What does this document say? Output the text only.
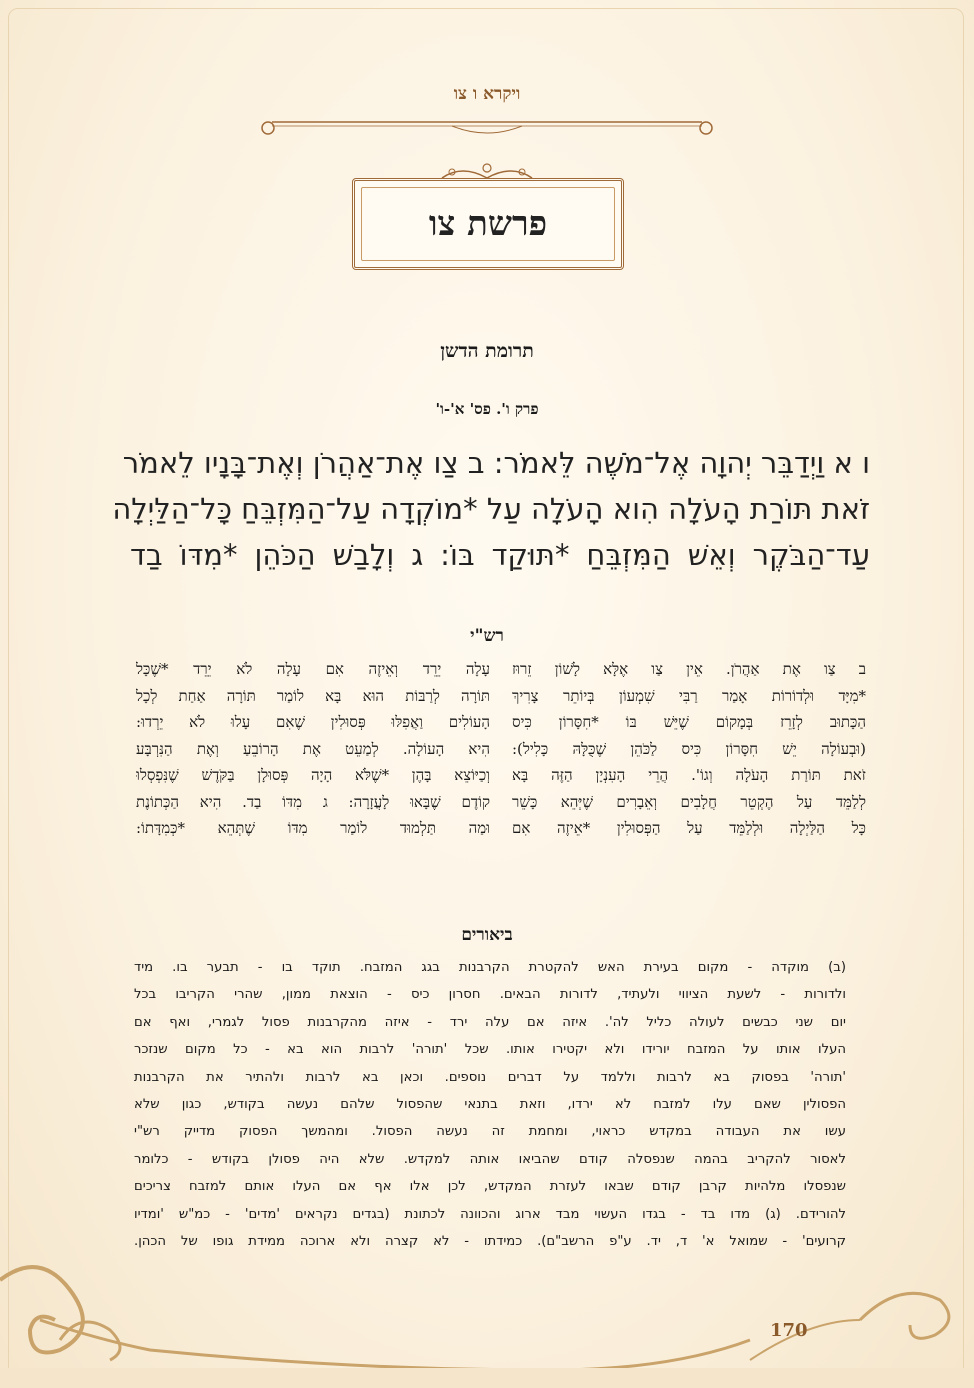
ויקרא ו צו
פרשת צו
תרומת הדשן
פרק ו'. פס' א'-ו'
ו א וַיְדַבֵּר יְהוָה אֶל־מֹשֶׁה לֵּאמֹר: ב צַו אֶת־אַהֲרֹן וְאֶת־בָּנָיו לֵאמֹר
זֹאת תּוֹרַת הָעֹלָה הִוא הָעֹלָה עַל *מוֹקְדָה עַל־הַמִּזְבֵּחַ כָּל־הַלַּיְלָה
עַד־הַבֹּקֶר וְאֵשׁ הַמִּזְבֵּחַ *תּוּקַד בּוֹ: ג וְלָבַשׁ הַכֹּהֵן *מִדּוֹ בַד
רש"י
ב צַו אֶת אַהֲרֹן. אֵין צַו אֶלָּא לָשׁוֹן זֵרוּז
*מִיָּד וּלְדוֹרוֹת אָמַר רַבִּי שִׁמְעוֹן בְּיוֹתֵר צָרִיךְ
הַכָּתוּב לְזָרֵז בְּמָקוֹם שֶׁיֵּשׁ בּוֹ *חִסָּרוֹן כִּיס
(וּבְעוֹלָה יֵשׁ חִסָּרוֹן כִּיס לַכֹּהֵן שֶׁכֻּלָּהּ כָּלִיל):
זֹאת תּוֹרַת הָעֹלָה וְגוֹ'. הֲרֵי הָעִנְיָן הַזֶּה בָּא
לְלַמֵּד עַל הֶקְטֵר חֲלָבִים וְאֵבָרִים שֶׁיְּהֵא כָּשֵׁר
כָּל הַלַּיְלָה וּלְלַמֵּד עַל הַפְּסוּלִין *אֵיזֶה אִם
עָלָה יֵרֵד וְאֵיזֶה אִם עָלָה לֹא יֵרֵד *שֶׁכָּל
תּוֹרָה לְרַבּוֹת הוּא בָּא לוֹמַר תּוֹרָה אַחַת לְכָל
הָעוֹלִים וַאֲפִלּוּ פְּסוּלִין שֶׁאִם עָלוּ לֹא יֵרְדוּ:
הִיא הָעוֹלָה. לְמַעֵט אֶת הָרוֹבֵעַ וְאֶת הַנִּרְבָּע
וְכַיּוֹצֵא בָּהֶן *שֶׁלֹּא הָיָה פְּסוּלָן בַּקֹּדֶשׁ שֶׁנִּפְסְלוּ
קוֹדֶם שֶׁבָּאוּ לָעֲזָרָה: ג מִדּוֹ בַד. הִיא הַכְּתוֹנֶת
וּמַה תַּלְמוּד לוֹמַר מִדּוֹ שֶׁתְּהֵא *כְּמִדָּתוֹ:
ביאורים
(ב) מוקדה - מקום בעירת האש להקטרת הקרבנות בגג המזבח. תוקד בו - תבער בו. מיד
ולדורות - לשעת הציווי ולעתיד, לדורות הבאים. חסרון כיס - הוצאת ממון, שהרי הקריבו בכל
יום שני כבשים לעולה כליל לה'. איזה אם עלה ירד - איזה מהקרבנות פסול לגמרי, ואף אם
העלו אותו על המזבח יורידו ולא יקטירו אותו. שכל 'תורה' לרבות הוא בא - כל מקום שנזכר
'תורה' בפסוק בא לרבות וללמד על דברים נוספים. וכאן בא לרבות ולהתיר את הקרבנות
הפסולין שאם עלו למזבח לא ירדו, וזאת בתנאי שהפסול שלהם נעשה בקודש, כגון שלא
עשו את העבודה במקדש כראוי, ומחמת זה נעשה הפסול. ומהמשך הפסוק מדייק רש"י
לאסור להקריב בהמה שנפסלה קודם שהביאו אותה למקדש. שלא היה פסולן בקודש - כלומר
שנפסלו מלהיות קרבן קודם שבאו לעזרת המקדש, לכן אלו אף אם העלו אותם למזבח צריכים
להורידם. (ג) מדו בד - בגדו העשוי מבד ארוג והכוונה לכתונת (בגדים נקראים 'מדים' - כמ"ש 'ומדיו
קרועים' - שמואל א' ד, יד. ע"פ הרשב"ם). כמידתו - לא קצרה ולא ארוכה ממידת גופו של הכהן.
170
